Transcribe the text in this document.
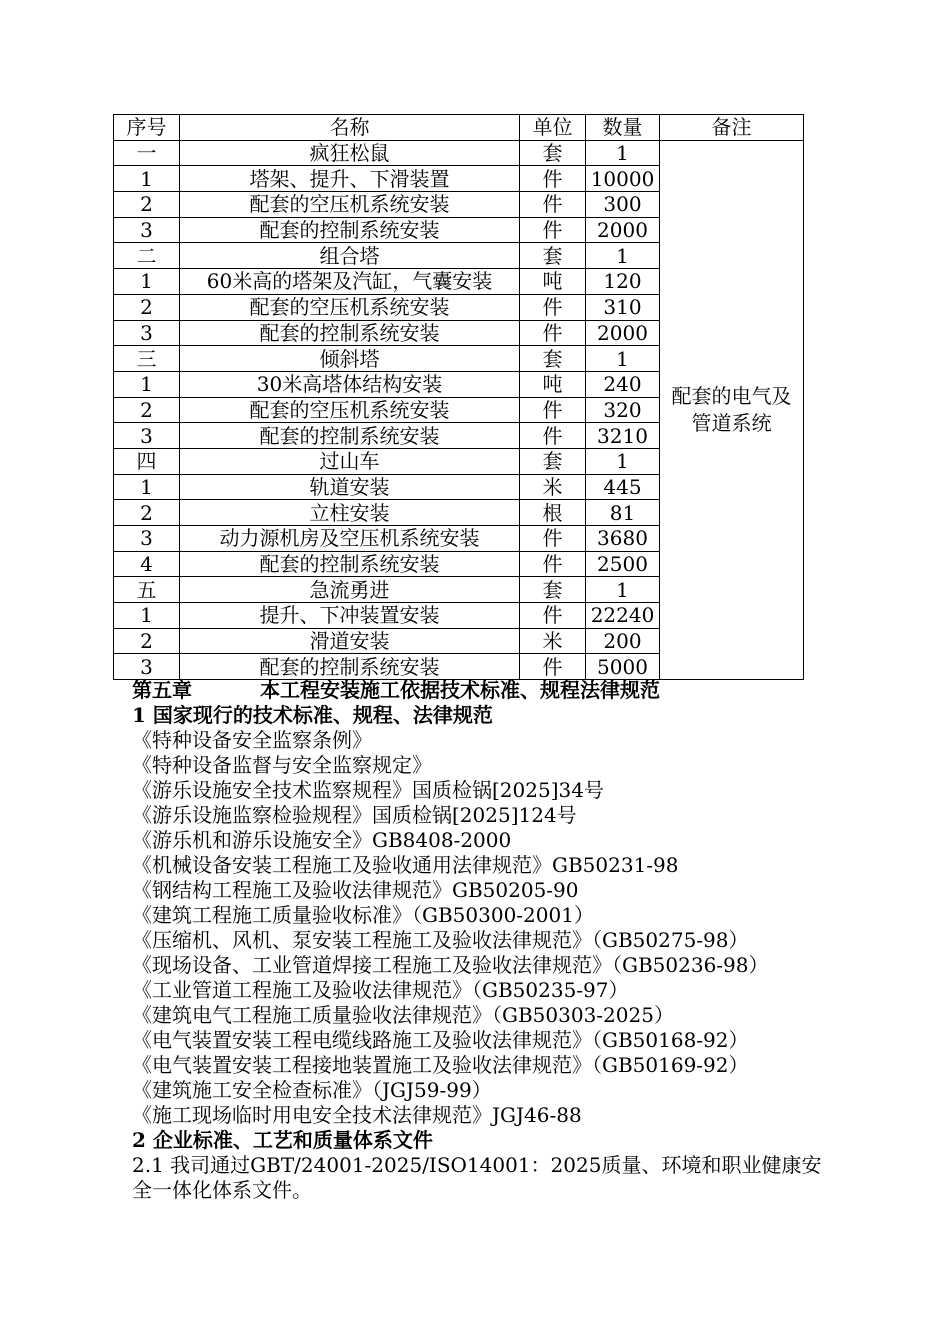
序号	名称	单位	数量	备注
一	疯狂松鼠	套	1	配套的电气及管道系统
1	塔架、提升、下滑装置	件	10000	
2	配套的空压机系统安装	件	300	
3	配套的控制系统安装	件	2000	
二	组合塔	套	1	
1	60米高的塔架及汽缸，气囊安装	吨	120	
2	配套的空压机系统安装	件	310	
3	配套的控制系统安装	件	2000	
三	倾斜塔	套	1	
1	30米高塔体结构安装	吨	240	
2	配套的空压机系统安装	件	320	
3	配套的控制系统安装	件	3210	
四	过山车	套	1	
1	轨道安装	米	445	
2	立柱安装	根	81	
3	动力源机房及空压机系统安装	件	3680	
4	配套的控制系统安装	件	2500	
五	急流勇进	套	1	
1	提升、下冲装置安装	件	22240	
2	滑道安装	米	200	
3	配套的控制系统安装	件	5000	
第五章	本工程安装施工依据技术标准、规程法律规范
1 国家现行的技术标准、规程、法律规范
《特种设备安全监察条例》
《特种设备监督与安全监察规定》
《游乐设施安全技术监察规程》国质检锅[2025]34号
《游乐设施监察检验规程》国质检锅[2025]124号
《游乐机和游乐设施安全》GB8408-2000
《机械设备安装工程施工及验收通用法律规范》GB50231-98
《钢结构工程施工及验收法律规范》GB50205-90
《建筑工程施工质量验收标准》（GB50300-2001）
《压缩机、风机、泵安装工程施工及验收法律规范》（GB50275-98）
《现场设备、工业管道焊接工程施工及验收法律规范》（GB50236-98）
《工业管道工程施工及验收法律规范》（GB50235-97）
《建筑电气工程施工质量验收法律规范》（GB50303-2025）
《电气装置安装工程电缆线路施工及验收法律规范》（GB50168-92）
《电气装置安装工程接地装置施工及验收法律规范》（GB50169-92）
《建筑施工安全检查标准》（JGJ59-99）
《施工现场临时用电安全技术法律规范》JGJ46-88
2 企业标准、工艺和质量体系文件
2.1 我司通过GBT/24001-2025/ISO14001：2025质量、环境和职业健康安全一体化体系文件。
